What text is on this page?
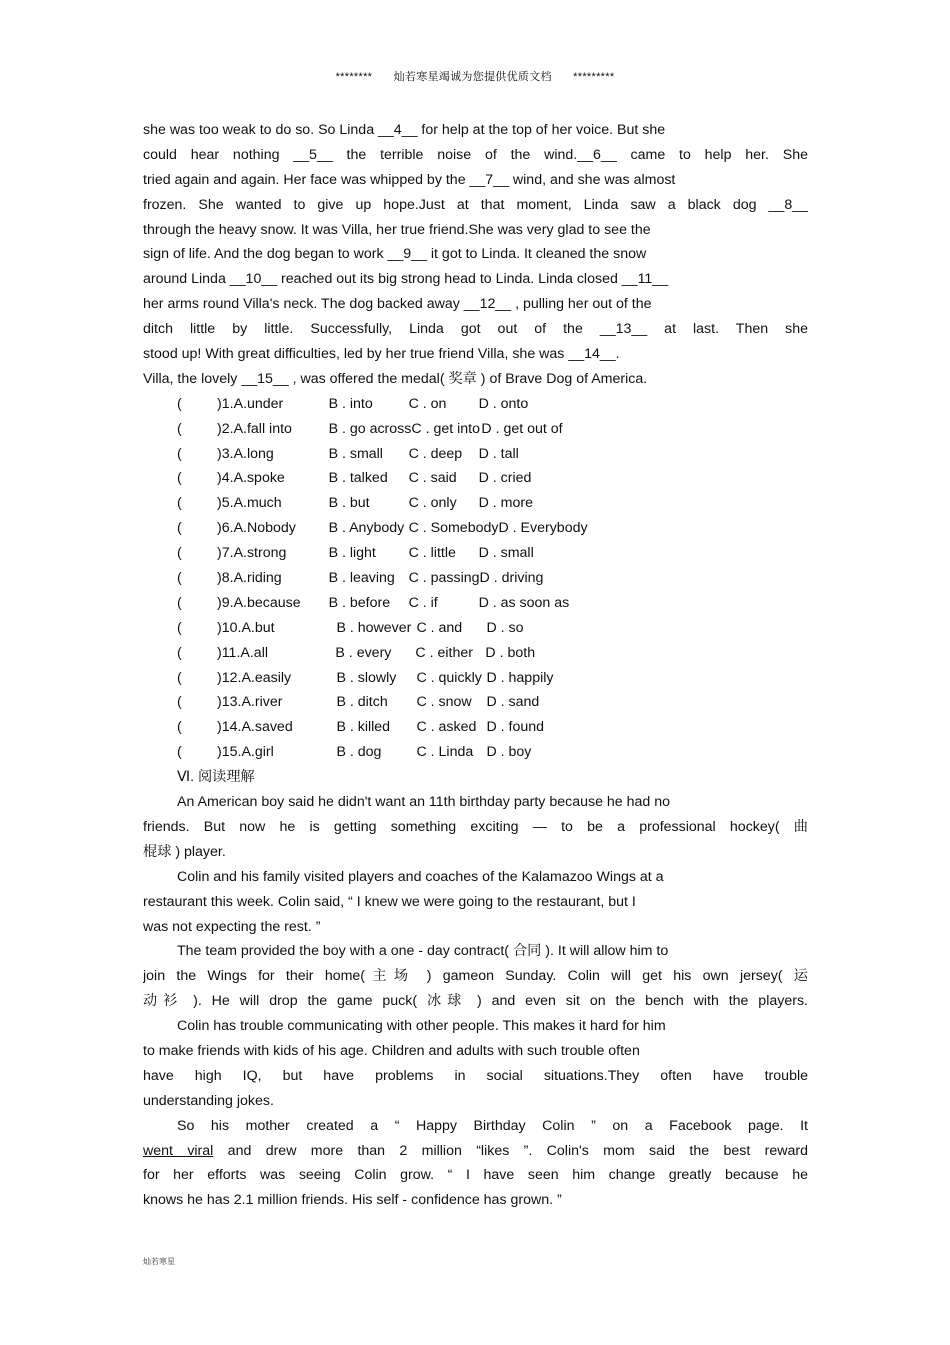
******** 灿若寒星竭诚为您提供优质文档 *********
she was too weak to do so. So Linda __4__ for help at the top of her voice. But she
could hear nothing __5__ the terrible noise of the wind.__6__ came to help her. She
tried again and again. Her face was whipped by the __7__ wind, and she was almost
frozen. She wanted to give up hope.Just at that moment, Linda saw a black dog __8__
through the heavy snow. It was Villa, her true friend.She was very glad to see the
sign of life. And the dog began to work __9__ it got to Linda. It cleaned the snow
around Linda __10__ reached out its big strong head to Linda. Linda closed __11__
her arms round Villa's neck. The dog backed away __12__ , pulling her out of the
ditch little by little. Successfully, Linda got out of the __13__ at last. Then she
stood up! With great difficulties, led by her true friend Villa, she was __14__.
Villa, the lovely __15__ , was offered the medal( 奖章 ) of Brave Dog of America.
( )1.A.under	B . into	C . on D . onto
( )2.A.fall into	B . go acrossC . get intoD . get out of
( )3.A.long	B . small C . deep D . tall
( )4.A.spoke	B . talked C . said D . cried
( )5.A.much	B . but	C . only D . more
( )6.A.Nobody B . Anybody C . SomebodyD . Everybody
( )7.A.strong	B . light C . little D . small
( )8.A.riding	B . leaving C . passingD . driving
( )9.A.because B . before C . if	D . as soon as
( )10.A.but	B . however C . and D . so
( )11.A.all	B . every C . either D . both
( )12.A.easily	B . slowly C . quickly D . happily
( )13.A.river	B . ditch C . snow D . sand
( )14.A.saved	B . killed C . asked D . found
( )15.A.girl	B . dog C . Linda D . boy
Ⅵ. 阅读理解
An American boy said he didn't want an 11th birthday party because he had no
friends. But now he is getting something exciting — to be a professional hockey( 曲
棍球 ) player.
Colin and his family visited players and coaches of the Kalamazoo Wings at a
restaurant this week. Colin said, “ I knew we were going to the restaurant, but I
was not expecting the rest. ”
The team provided the boy with a one - day contract( 合同 ). It will allow him to
join the Wings for their home(主场 ) gameon Sunday. Colin will get his own jersey( 运
动衫 ). He will drop the game puck( 冰球 ) and even sit on the bench with the players.
Colin has trouble communicating with other people. This makes it hard for him
to make friends with kids of his age. Children and adults with such trouble often
have high IQ, but have problems in social situations.They often have trouble
understanding jokes.
So his mother created a “ Happy Birthday Colin ” on a Facebook page. It
went viral and drew more than 2 million “likes ”. Colin's mom said the best reward
for her efforts was seeing Colin grow. “ I have seen him change greatly because he
knows he has 2.1 million friends. His self - confidence has grown. ”
灿若寒星
